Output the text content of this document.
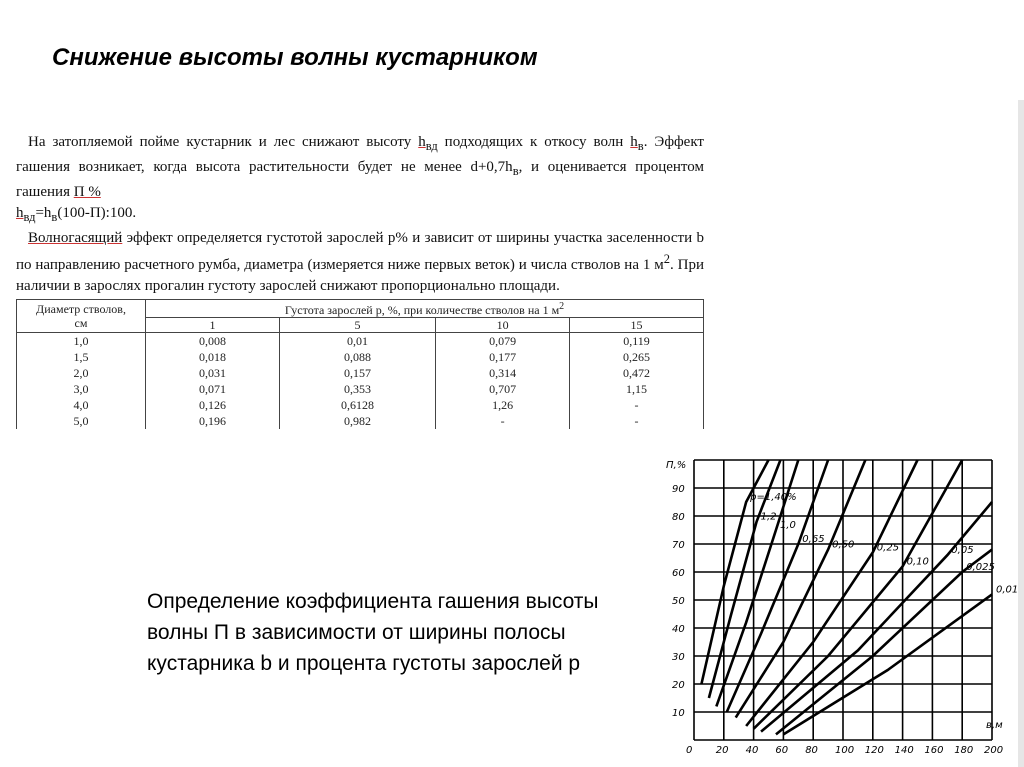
Снижение высоты волны кустарником

На затопляемой пойме кустарник и лес снижают высоту $h_{вд}$ подходящих к откосу волн $h_в$. Эффект гашения возникает, когда высота растительности будет не менее $d+0,7h_в$, и оценивается процентом гашения П %

$h_{вд}=h_в(100-П):100$.

Волногасящий эффект определяется густотой зарослей р% и зависит от ширины участка заселенности b по направлению расчетного румба, диаметра (измеряется ниже первых веток) и числа стволов на 1 $м^2$. При наличии в зарослях прогалин густоту зарослей снижают пропорционально площади.

Диаметр стволов,
см	Густота зарослей р, %, при количестве стволов на 1 $м^2$
	1	5	10	15
1,0	0,008	0,01	0,079	0,119
1,5	0,018	0,088	0,177	0,265
2,0	0,031	0,157	0,314	0,472
3,0	0,071	0,353	0,707	1,15
4,0	0,126	0,6128	1,26	-
5,0	0,196	0,982	-	-
Определение коэффициента гашения высоты волны П в зависимости от ширины полосы кустарника b и процента густоты зарослей р
0 20 40 60 80 100 120 140 160 180 200
10
20
30
40
50
60
70
80
90
П,%
в,м
р=1,40%
1,2
1,0
0,65
0,50 0,25
0,10
0,05
0,025
0,01
